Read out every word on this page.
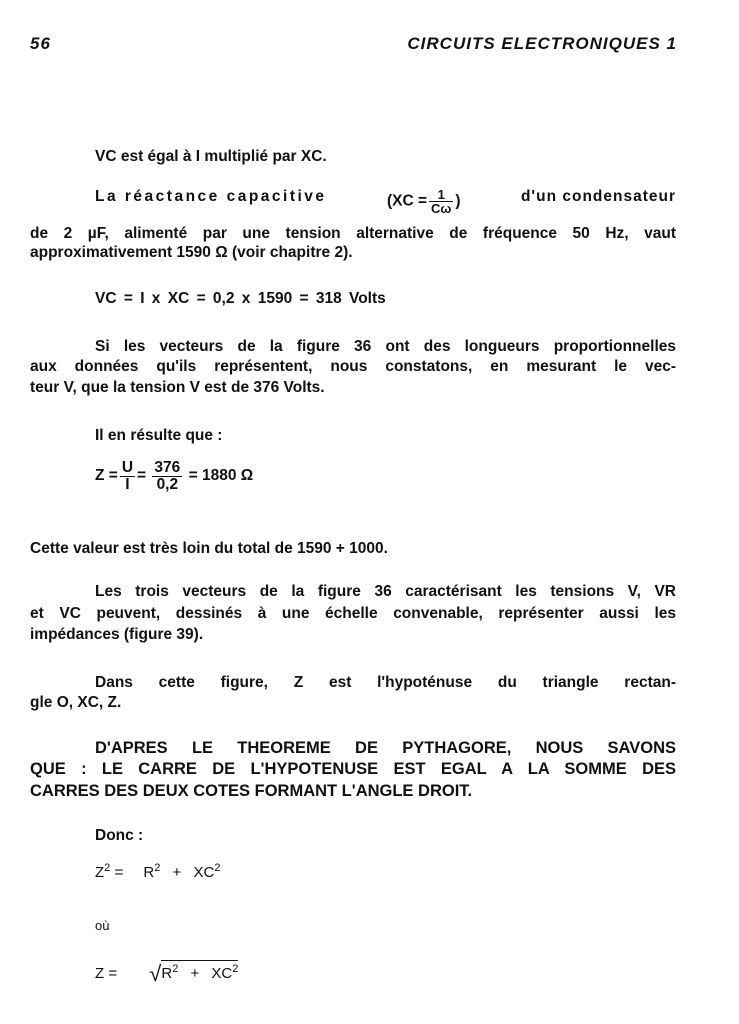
56	CIRCUITS ELECTRONIQUES 1
VC est égal à I multiplié par XC.
La réactance capacitive	($XC = \frac{1}{C\omega}$ )	d'un condensateur
de 2 µF, alimenté par une tension alternative de fréquence 50 Hz, vaut
approximativement 1590 Ω (voir chapitre 2).
VC = I x XC = 0,2 x 1590 = 318 Volts
Si les vecteurs de la figure 36 ont des longueurs proportionnelles
aux données qu'ils représentent, nous constatons, en mesurant le vec-
teur V, que la tension V est de 376 Volts.
Il en résulte que :
$Z = \frac{U}{I} = \frac{376}{0,2} = 1880$ Ω
Cette valeur est très loin du total de 1590 + 1000.
Les trois vecteurs de la figure 36 caractérisant les tensions V, VR
et VC peuvent, dessinés à une échelle convenable, représenter aussi les
impédances (figure 39).
Dans cette figure, Z est l'hypoténuse du triangle rectan-
gle O, XC, Z.
D'APRES LE THEOREME DE PYTHAGORE, NOUS SAVONS
QUE : LE CARRE DE L'HYPOTENUSE EST EGAL A LA SOMME DES
CARRES DES DEUX COTES FORMANT L'ANGLE DROIT.
Donc :
$Z^2 = R^2 + XC^2$
où
$Z = √R^2 + XC^2$
